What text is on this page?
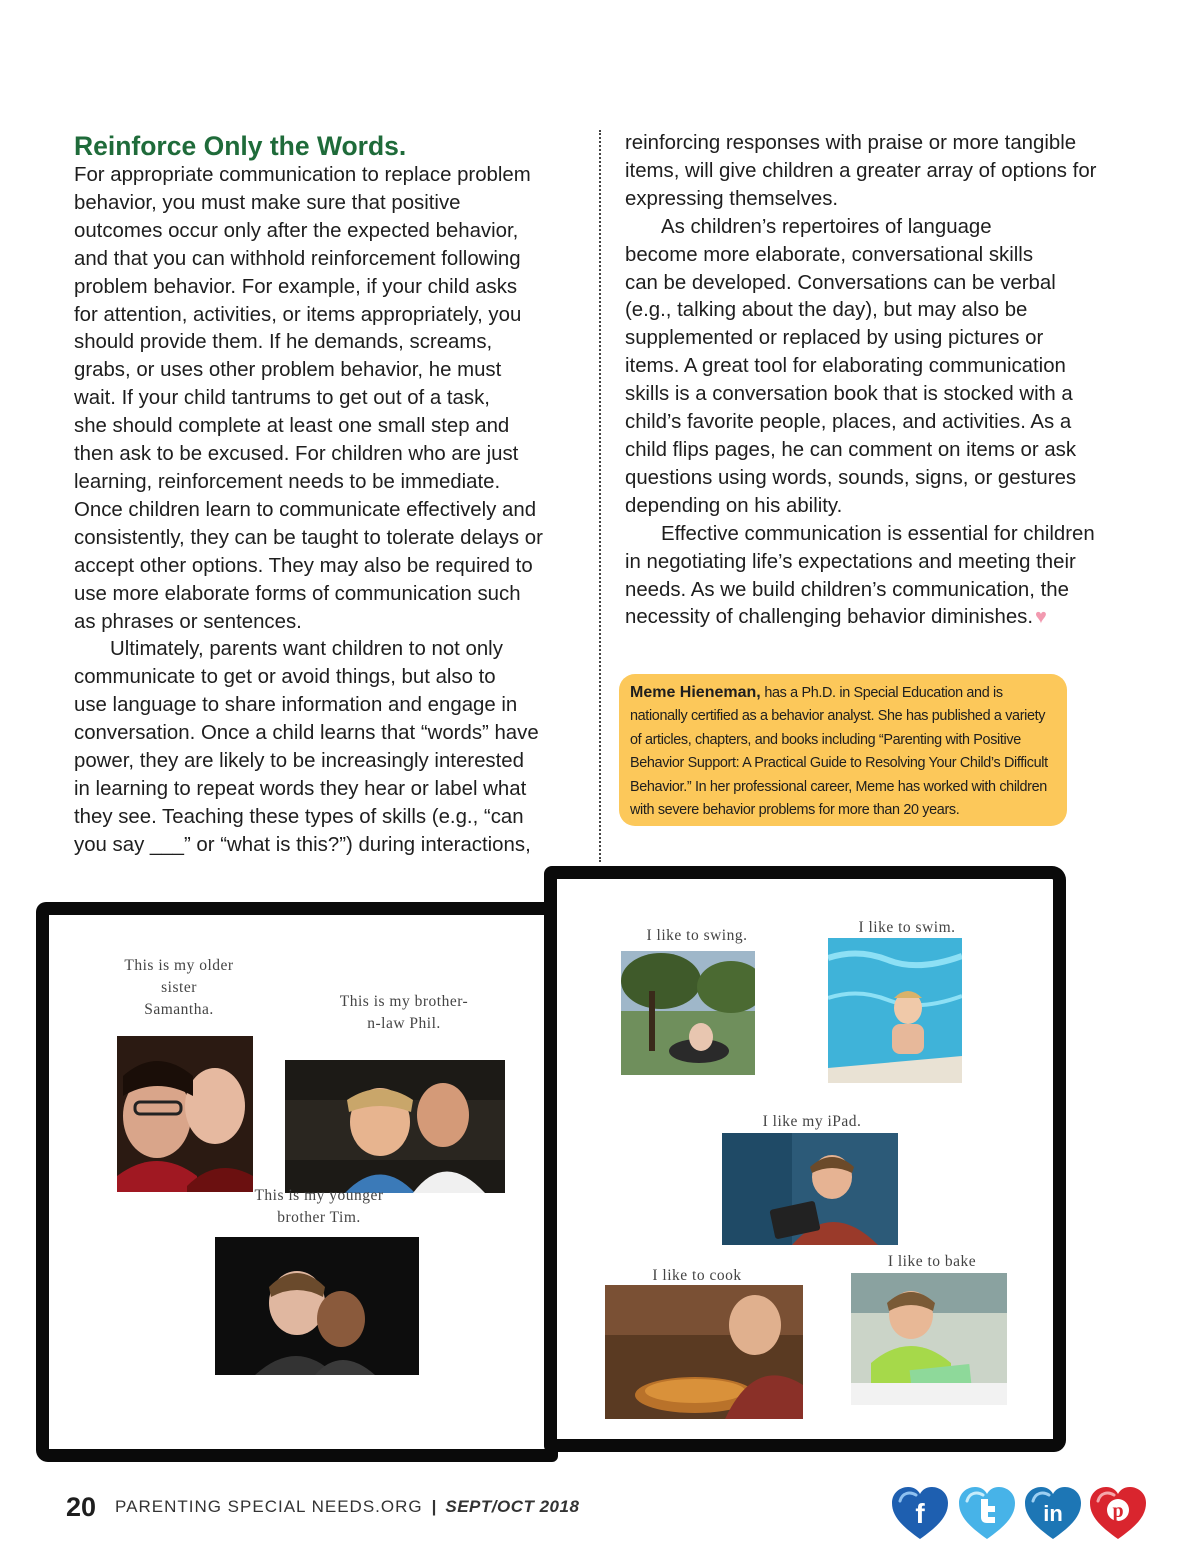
Reinforce Only the Words.

For appropriate communication to replace problem
behavior, you must make sure that positive
outcomes occur only after the expected behavior,
and that you can withhold reinforcement following
problem behavior. For example, if your child asks
for attention, activities, or items appropriately, you
should provide them. If he demands, screams,
grabs, or uses other problem behavior, he must
wait. If your child tantrums to get out of a task,
she should complete at least one small step and
then ask to be excused. For children who are just
learning, reinforcement needs to be immediate.
Once children learn to communicate effectively and
consistently, they can be taught to tolerate delays or
accept other options. They may also be required to
use more elaborate forms of communication such
as phrases or sentences.

Ultimately, parents want children to not only
communicate to get or avoid things, but also to
use language to share information and engage in
conversation. Once a child learns that “words” have
power, they are likely to be increasingly interested
in learning to repeat words they hear or label what
they see. Teaching these types of skills (e.g., “can
you say ___” or “what is this?”) during interactions,

reinforcing responses with praise or more tangible
items, will give children a greater array of options for
expressing themselves.

As children’s repertoires of language
become more elaborate, conversational skills
can be developed. Conversations can be verbal
(e.g., talking about the day), but may also be
supplemented or replaced by using pictures or
items. A great tool for elaborating communication
skills is a conversation book that is stocked with a
child’s favorite people, places, and activities. As a
child flips pages, he can comment on items or ask
questions using words, sounds, signs, or gestures
depending on his ability.

Effective communication is essential for children
in negotiating life’s expectations and meeting their
needs. As we build children’s communication, the
necessity of challenging behavior diminishes. ♥

Meme Hieneman, has a Ph.D. in Special Education and is nationally certified as a behavior analyst. She has published a variety of articles, chapters, and books including “Parenting with Positive Behavior Support: A Practical Guide to Resolving Your Child’s Difficult Behavior.” In her professional career, Meme has worked with children with severe behavior problems for more than 20 years.
This is my older
sister
Samantha.	This is my brother-
n-law Phil.
This is my younger
brother Tim.
I like to swing.	I like to swim.
I like my iPad.
I like to cook
I like to bake
20 PARENTING SPECIAL NEEDS.ORG | SEPT/OCT 2018	f	in p
